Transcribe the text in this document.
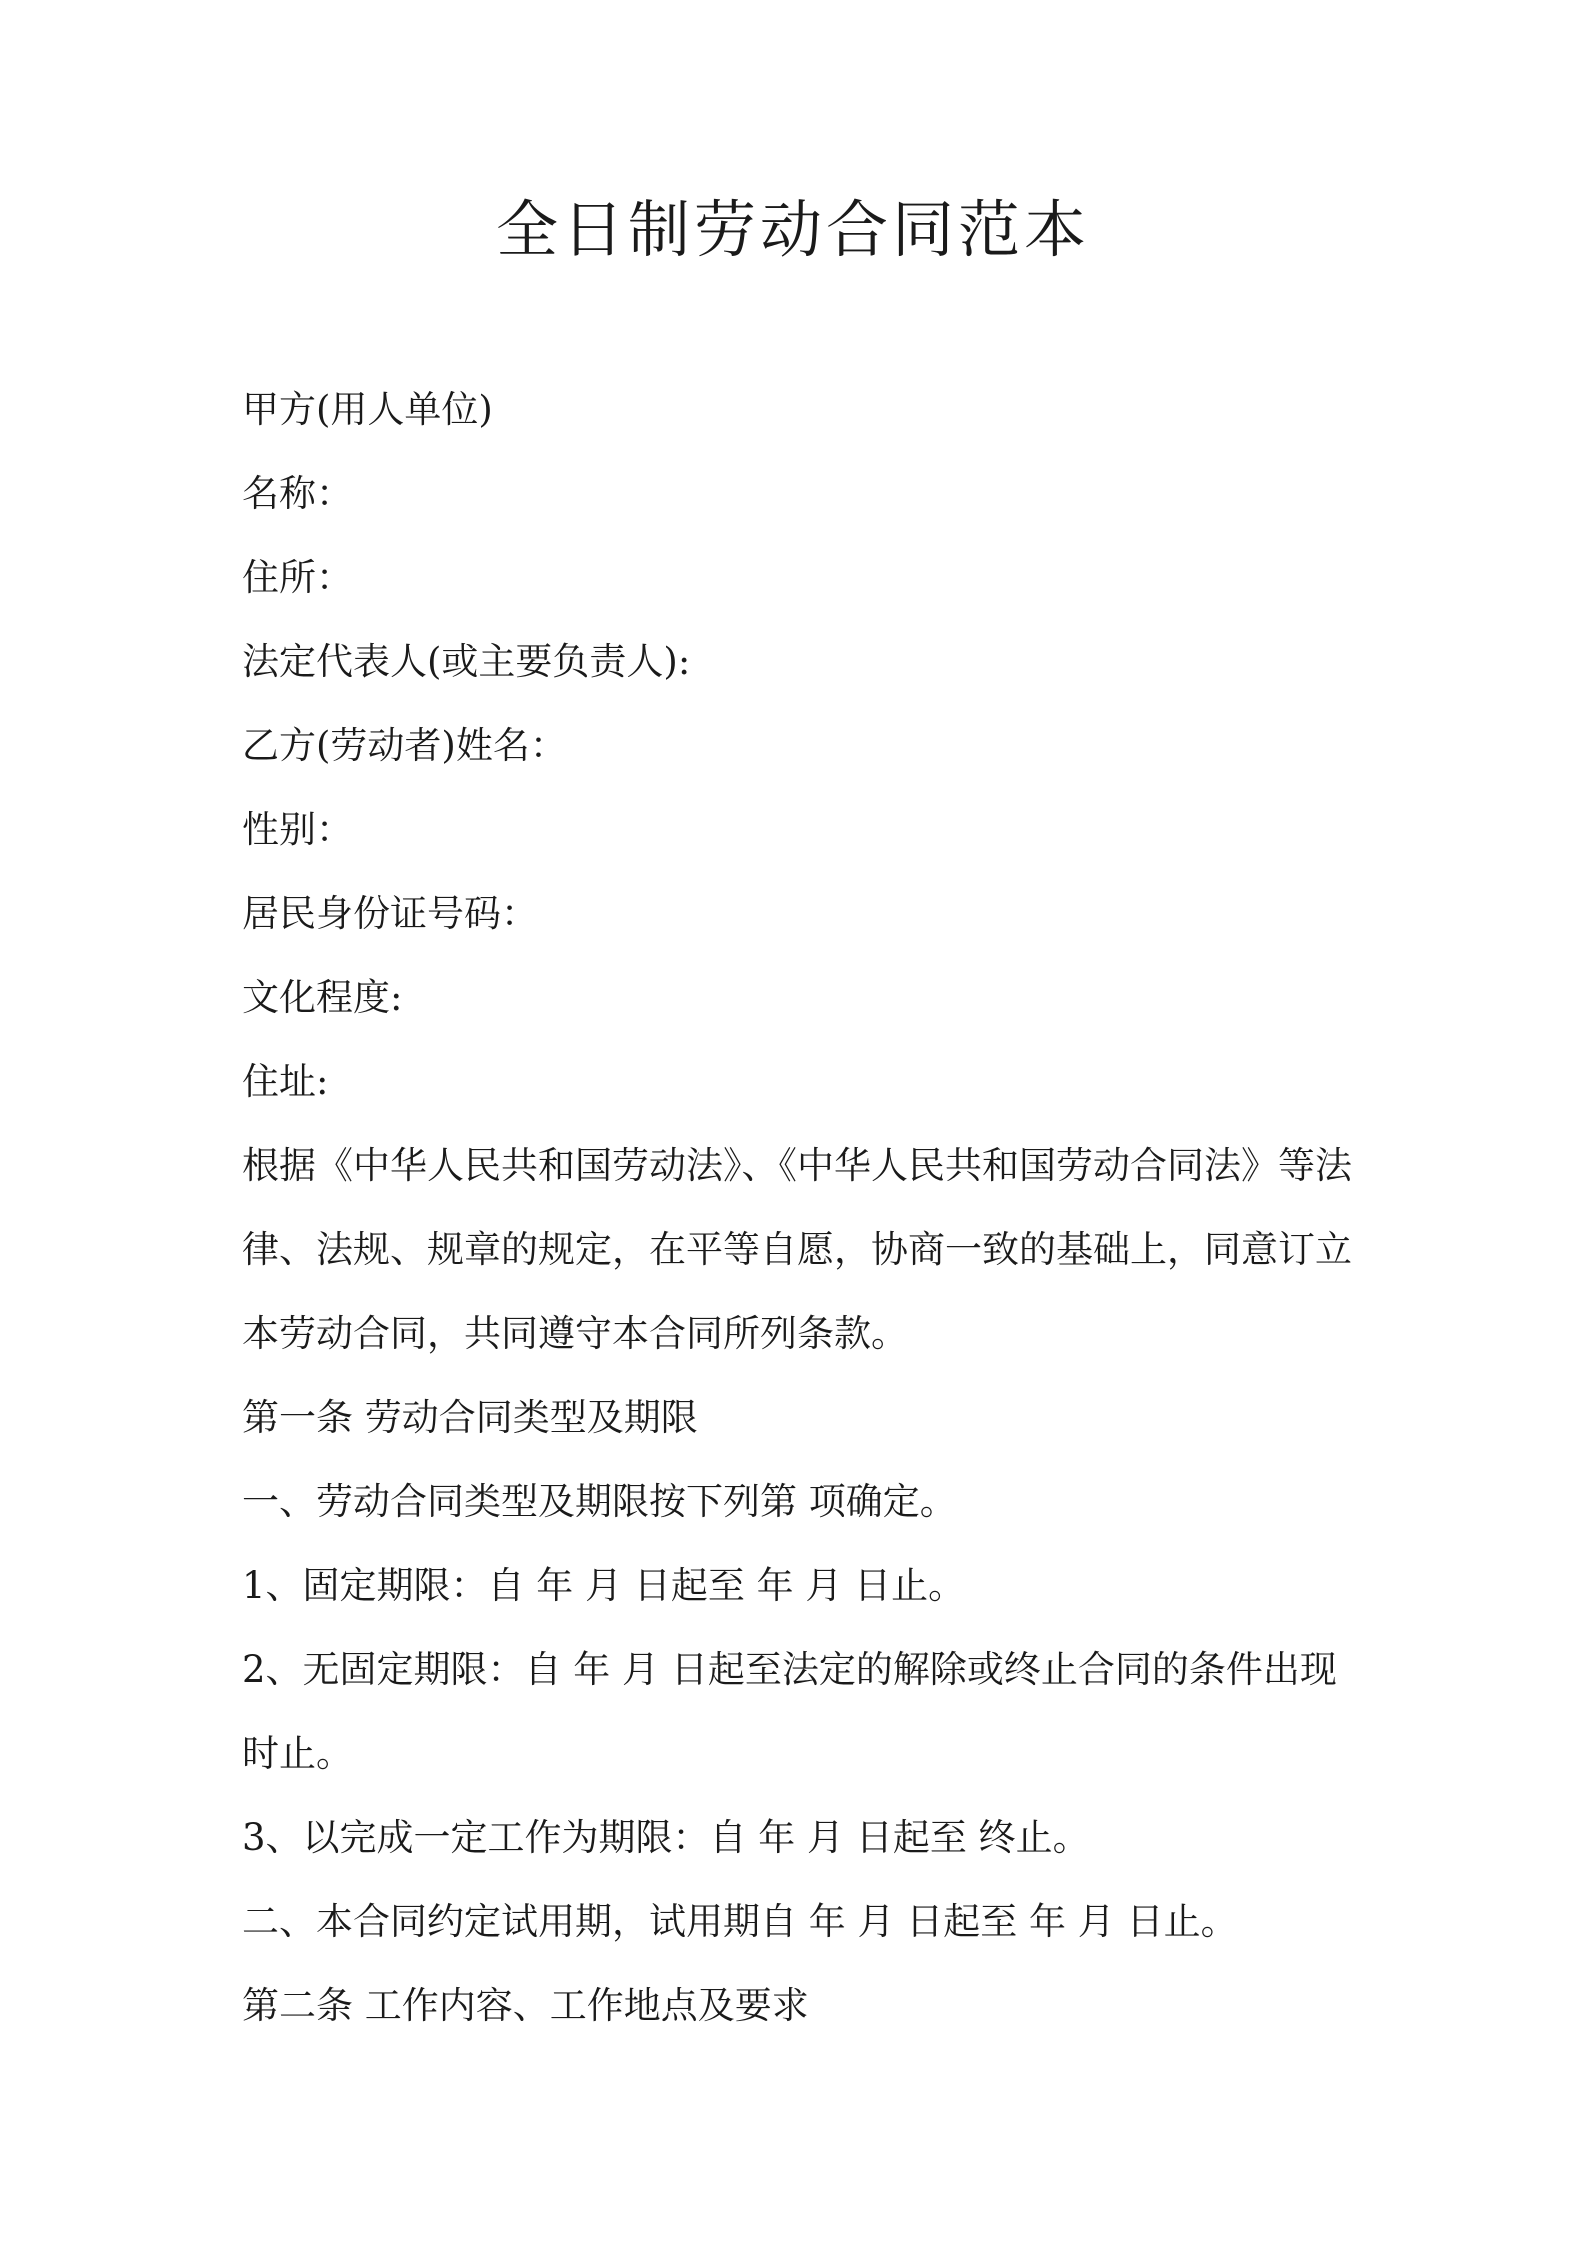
全日制劳动合同范本
甲方(用人单位)
名称：
住所：
法定代表人(或主要负责人):
乙方(劳动者)姓名：
性别：
居民身份证号码：
文化程度:
住址:
根据《中华人民共和国劳动法》、《中华人民共和国劳动合同法》等法
律、法规、规章的规定，在平等自愿，协商一致的基础上，同意订立
本劳动合同，共同遵守本合同所列条款。
第一条 劳动合同类型及期限
一、劳动合同类型及期限按下列第 项确定。
1、固定期限：自 年 月 日起至 年 月 日止。
2、无固定期限：自 年 月 日起至法定的解除或终止合同的条件出现
时止。
3、以完成一定工作为期限：自 年 月 日起至 终止。
二、本合同约定试用期，试用期自 年 月 日起至 年 月 日止。
第二条 工作内容、工作地点及要求
